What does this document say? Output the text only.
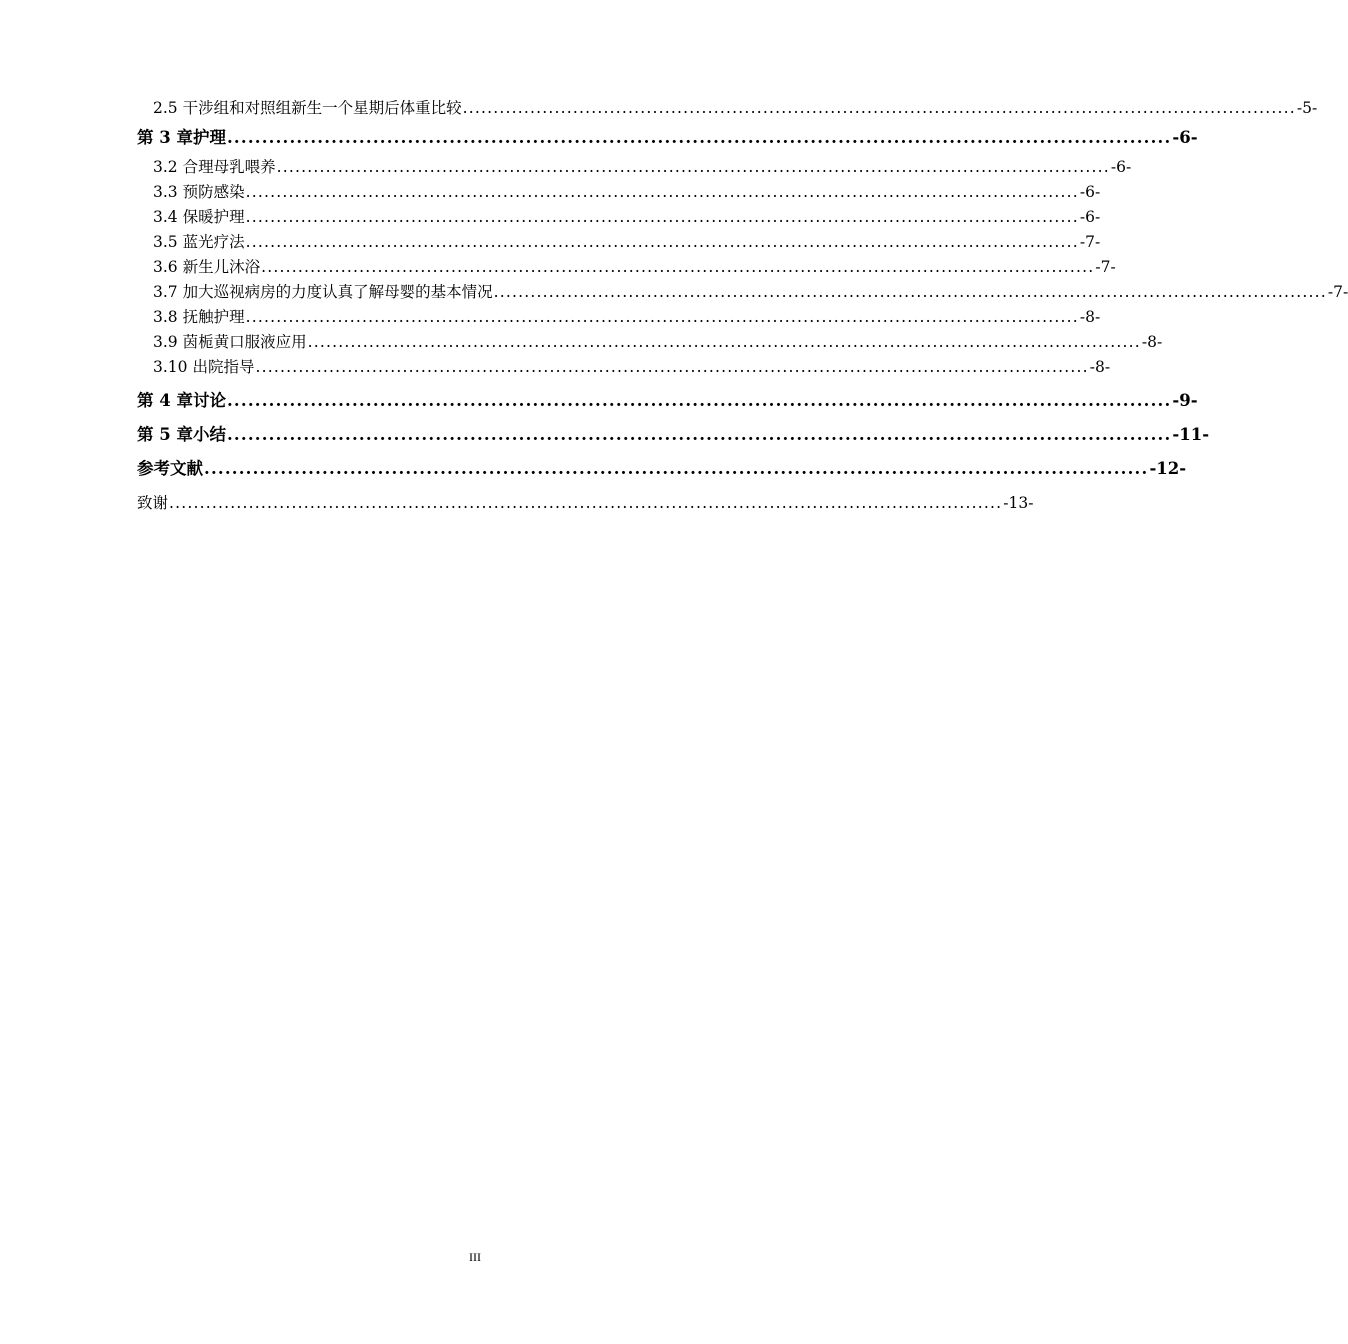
2.5 干涉组和对照组新生一个星期后体重比较 ........................................................................................................................................ -5-
第 3 章护理 ........................................................................................................................................ -6-
3.2 合理母乳喂养 ........................................................................................................................................ -6-
3.3 预防感染 ........................................................................................................................................ -6-
3.4 保暖护理 ........................................................................................................................................ -6-
3.5 蓝光疗法 ........................................................................................................................................ -7-
3.6 新生儿沐浴 ........................................................................................................................................ -7-
3.7 加大巡视病房的力度认真了解母婴的基本情况 ........................................................................................................................................ -7-
3.8 抚触护理 ........................................................................................................................................ -8-
3.9 茵栀黄口服液应用 ........................................................................................................................................ -8-
3.10 出院指导 ........................................................................................................................................ -8-
第 4 章讨论 ........................................................................................................................................ -9-
第 5 章小结 ........................................................................................................................................ -11-
参考文献 ........................................................................................................................................ -12-
致谢 ........................................................................................................................................ -13-
III
